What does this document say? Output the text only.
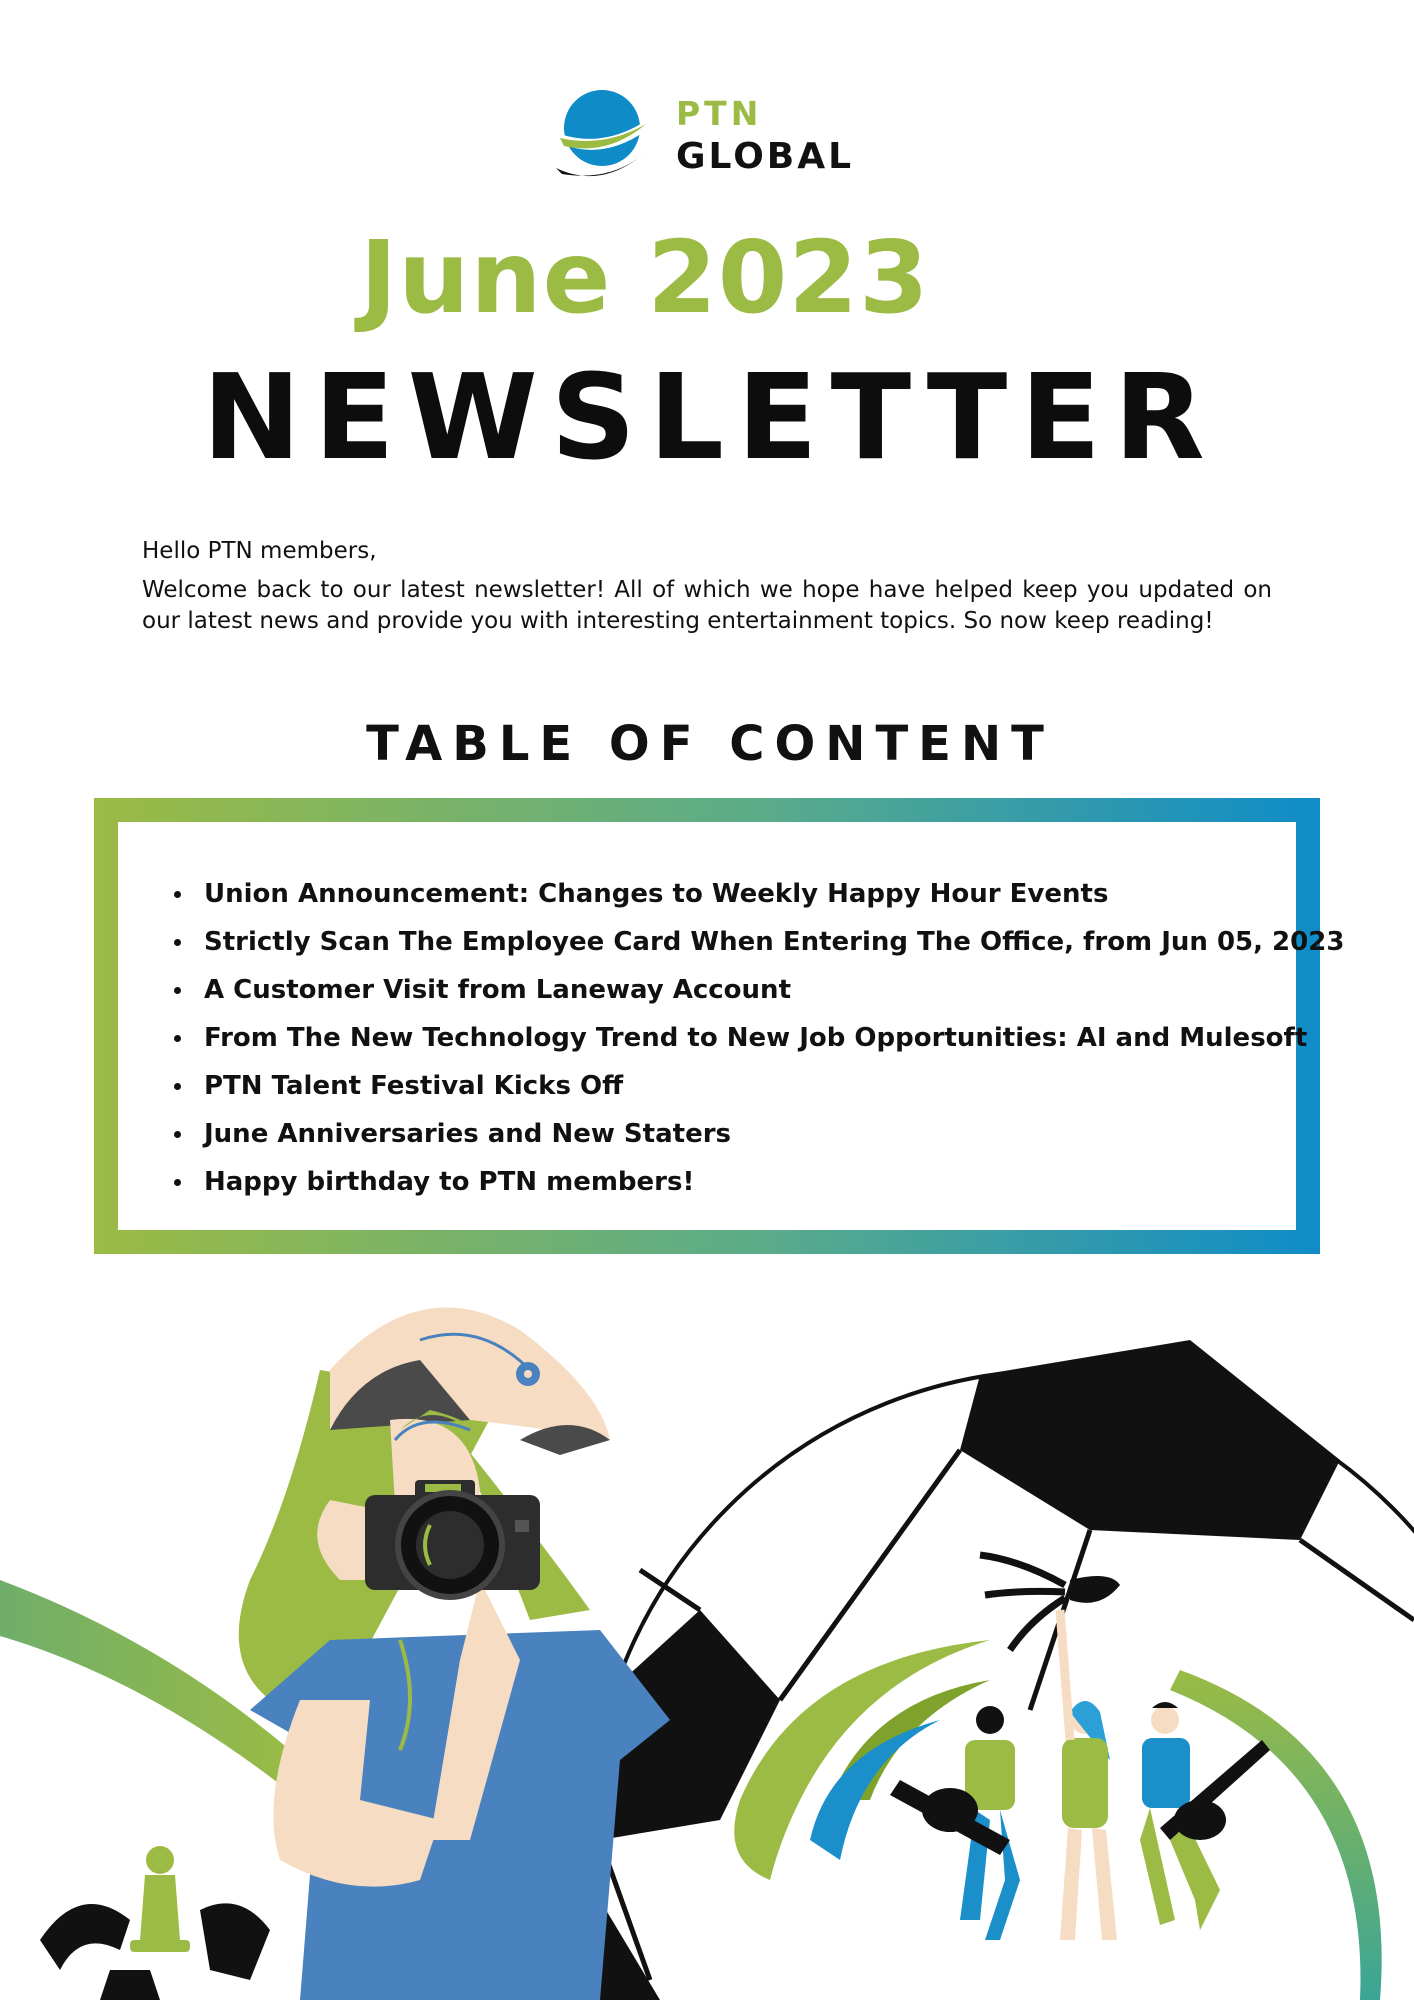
PTN
GLOBAL
June 2023
NEWSLETTER
Hello PTN members,
Welcome back to our latest newsletter! All of which we hope have helped keep you updated on our latest news and provide you with interesting entertainment topics. So now keep reading!
TABLE OF CONTENT
Union Announcement: Changes to Weekly Happy Hour Events
Strictly Scan The Employee Card When Entering The Office, from Jun 05, 2023
A Customer Visit from Laneway Account
From The New Technology Trend to New Job Opportunities: AI and Mulesoft
PTN Talent Festival Kicks Off
June Anniversaries and New Staters
Happy birthday to PTN members!
